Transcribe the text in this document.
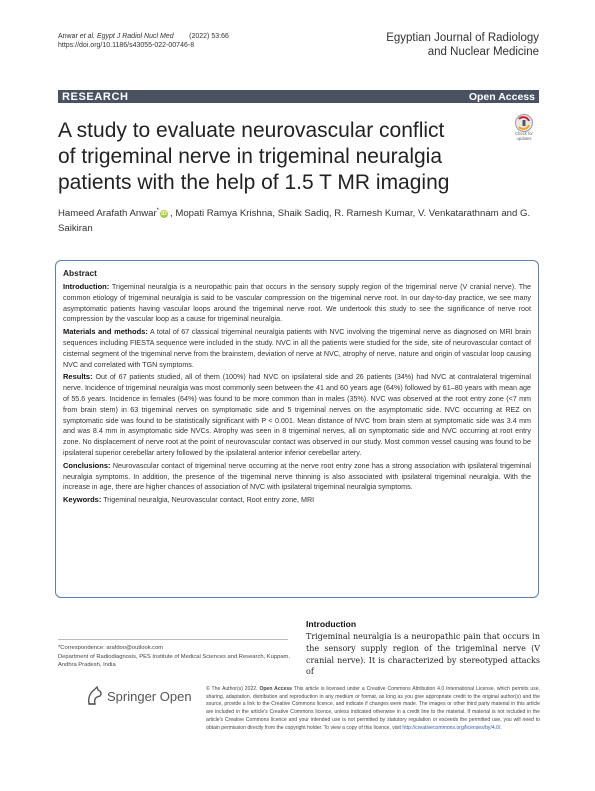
Anwar et al. Egypt J Radiol Nucl Med (2022) 53:66
https://doi.org/10.1186/s43055-022-00746-8
Egyptian Journal of Radiology
and Nuclear Medicine
RESEARCH	Open Access
A study to evaluate neurovascular conflict
of trigeminal nerve in trigeminal neuralgia
patients with the help of 1.5 T MR imaging
Check for
updates
Hameed Arafath Anwar*iD , Mopati Ramya Krishna, Shaik Sadiq, R. Ramesh Kumar, V. Venkatarathnam and G. Saikiran
Abstract

Introduction: Trigeminal neuralgia is a neuropathic pain that occurs in the sensory supply region of the trigeminal nerve (V cranial nerve). The common etiology of trigeminal neuralgia is said to be vascular compression on the trigeminal nerve root. In our day-to-day practice, we see many asymptomatic patients having vascular loops around the trigeminal nerve root. We undertook this study to see the significance of nerve root compression by the vascular loop as a cause for trigeminal neuralgia.

Materials and methods: A total of 67 classical trigeminal neuralgia patients with NVC involving the trigeminal nerve as diagnosed on MRI brain sequences including FIESTA sequence were included in the study. NVC in all the patients were studied for the side, site of neurovascular contact of cisternal segment of the trigeminal nerve from the brainstem, deviation of nerve at NVC, atrophy of nerve, nature and origin of vascular loop causing NVC and correlated with TGN symptoms.

Results: Out of 67 patients studied, all of them (100%) had NVC on ipsilateral side and 26 patients (34%) had NVC at contralateral trigeminal nerve. Incidence of trigeminal neuralgia was most commonly seen between the 41 and 60 years age (64%) followed by 61–80 years with mean age of 55.6 years. Incidence in females (64%) was found to be more common than in males (35%). NVC was observed at the root entry zone (<7 mm from brain stem) in 63 trigeminal nerves on symptomatic side and 5 trigeminal nerves on the asymptomatic side. NVC occurring at REZ on symptomatic side was found to be statistically significant with P < 0.001. Mean distance of NVC from brain stem at symptomatic side was 3.4 mm and was 8.4 mm in asymptomatic side NVCs. Atrophy was seen in 8 trigeminal nerves, all on symptomatic side and NVC occurring at root entry zone. No displacement of nerve root at the point of neurovascular contact was observed in our study. Most common vessel causing was found to be ipsilateral superior cerebellar artery followed by the ipsilateral anterior inferior cerebellar artery.

Conclusions: Neurovascular contact of trigeminal nerve occurring at the nerve root entry zone has a strong association with ipsilateral trigeminal neuralgia symptoms. In addition, the presence of the trigeminal nerve thinning is also associated with ipsilateral trigeminal neuralgia. With the increase in age, there are higher chances of association of NVC with ipsilateral trigeminal neuralgia symptoms.

Keywords: Trigeminal neuralgia, Neurovascular contact, Root entry zone, MRI

*Correspondence: arafdoo@outlook.com
Department of Radiodiagnosis, PES Institute of Medical Sciences and Research, Kuppam, Andhra Pradesh, India
Introduction
Trigeminal neuralgia is a neuropathic pain that occurs in the sensory supply region of the trigeminal nerve (V cranial nerve). It is characterized by stereotyped attacks of
Springer Open	© The Author(s) 2022. Open Access This article is licensed under a Creative Commons Attribution 4.0 International License, which permits use, sharing, adaptation, distribution and reproduction in any medium or format, as long as you give appropriate credit to the original author(s) and the source, provide a link to the Creative Commons licence, and indicate if changes were made. The images or other third party material in this article are included in the article's Creative Commons licence, unless indicated otherwise in a credit line to the material. If material is not included in the article's Creative Commons licence and your intended use is not permitted by statutory regulation or exceeds the permitted use, you will need to obtain permission directly from the copyright holder. To view a copy of this licence, visit http://creativecommons.org/licenses/by/4.0/.
